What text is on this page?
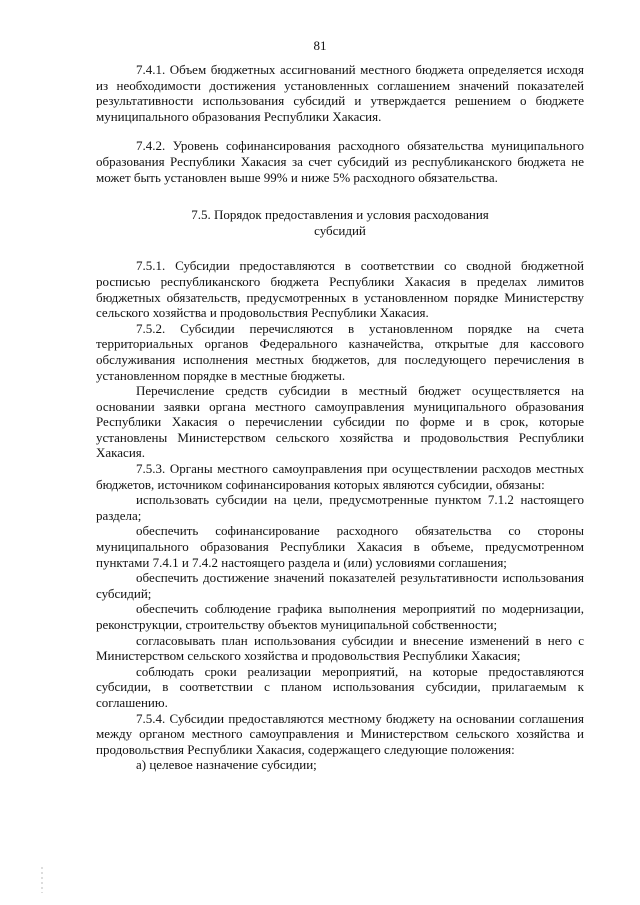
81

7.4.1. Объем бюджетных ассигнований местного бюджета определяется исходя из необходимости достижения установленных соглашением значений показателей результативности использования субсидий и утверждается решением о бюджете муниципального образования Республики Хакасия.

7.4.2. Уровень софинансирования расходного обязательства муниципального образования Республики Хакасия за счет субсидий из республиканского бюджета не может быть установлен выше 99% и ниже 5% расходного обязательства.

7.5. Порядок предоставления и условия расходования
субсидий

7.5.1. Субсидии предоставляются в соответствии со сводной бюджетной росписью республиканского бюджета Республики Хакасия в пределах лимитов бюджетных обязательств, предусмотренных в установленном порядке Министерству сельского хозяйства и продовольствия Республики Хакасия.

7.5.2. Субсидии перечисляются в установленном порядке на счета территориальных органов Федерального казначейства, открытые для кассового обслуживания исполнения местных бюджетов, для последующего перечисления в установленном порядке в местные бюджеты.

Перечисление средств субсидии в местный бюджет осуществляется на основании заявки органа местного самоуправления муниципального образования Республики Хакасия о перечислении субсидии по форме и в срок, которые установлены Министерством сельского хозяйства и продовольствия Республики Хакасия.

7.5.3. Органы местного самоуправления при осуществлении расходов местных бюджетов, источником софинансирования которых являются субсидии, обязаны:

использовать субсидии на цели, предусмотренные пунктом 7.1.2 настоящего раздела;

обеспечить софинансирование расходного обязательства со стороны муниципального образования Республики Хакасия в объеме, предусмотренном пунктами 7.4.1 и 7.4.2 настоящего раздела и (или) условиями соглашения;

обеспечить достижение значений показателей результативности использования субсидий;

обеспечить соблюдение графика выполнения мероприятий по модернизации, реконструкции, строительству объектов муниципальной собственности;

согласовывать план использования субсидии и внесение изменений в него с Министерством сельского хозяйства и продовольствия Республики Хакасия;

соблюдать сроки реализации мероприятий, на которые предоставляются субсидии, в соответствии с планом использования субсидии, прилагаемым к соглашению.

7.5.4. Субсидии предоставляются местному бюджету на основании соглашения между органом местного самоуправления и Министерством сельского хозяйства и продовольствия Республики Хакасия, содержащего следующие положения:

а) целевое назначение субсидии;
